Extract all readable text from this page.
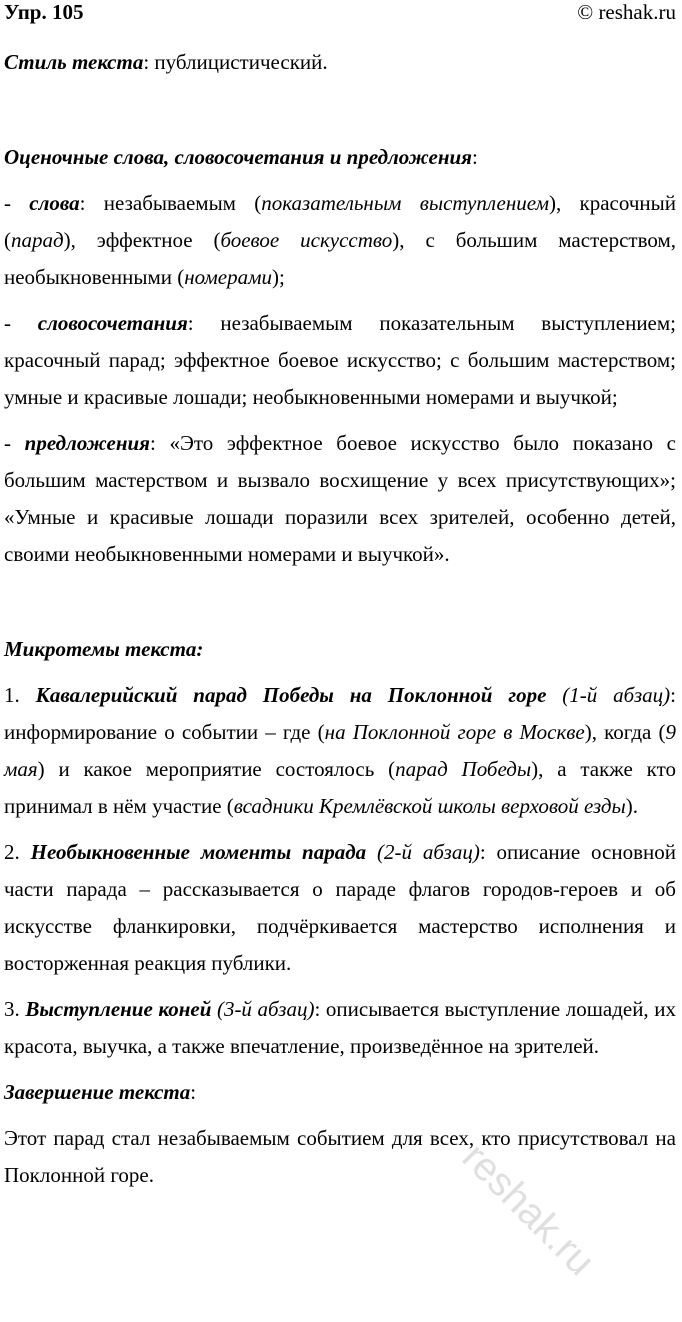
Упр. 105	© reshak.ru

Стиль текста: публицистический.

Оценочные слова, словосочетания и предложения:

- слова: незабываемым (показательным выступлением), красочный (парад), эффектное (боевое искусство), с большим мастерством, необыкновенными (номерами);

- словосочетания: незабываемым показательным выступлением; красочный парад; эффектное боевое искусство; с большим мастерством; умные и красивые лошади; необыкновенными номерами и выучкой;

- предложения: «Это эффектное боевое искусство было показано с большим мастерством и вызвало восхищение у всех присутствующих»; «Умные и красивые лошади поразили всех зрителей, особенно детей, своими необыкновенными номерами и выучкой».

Микротемы текста:

1. Кавалерийский парад Победы на Поклонной горе (1-й абзац): информирование о событии – где (на Поклонной горе в Москве), когда (9 мая) и какое мероприятие состоялось (парад Победы), а также кто принимал в нём участие (всадники Кремлёвской школы верховой езды).

2. Необыкновенные моменты парада (2-й абзац): описание основной части парада – рассказывается о параде флагов городов-героев и об искусстве фланкировки, подчёркивается мастерство исполнения и восторженная реакция публики.

3. Выступление коней (3-й абзац): описывается выступление лошадей, их красота, выучка, а также впечатление, произведённое на зрителей.

Завершение текста:

Этот парад стал незабываемым событием для всех, кто присутствовал на Поклонной горе.	reshak.ru
